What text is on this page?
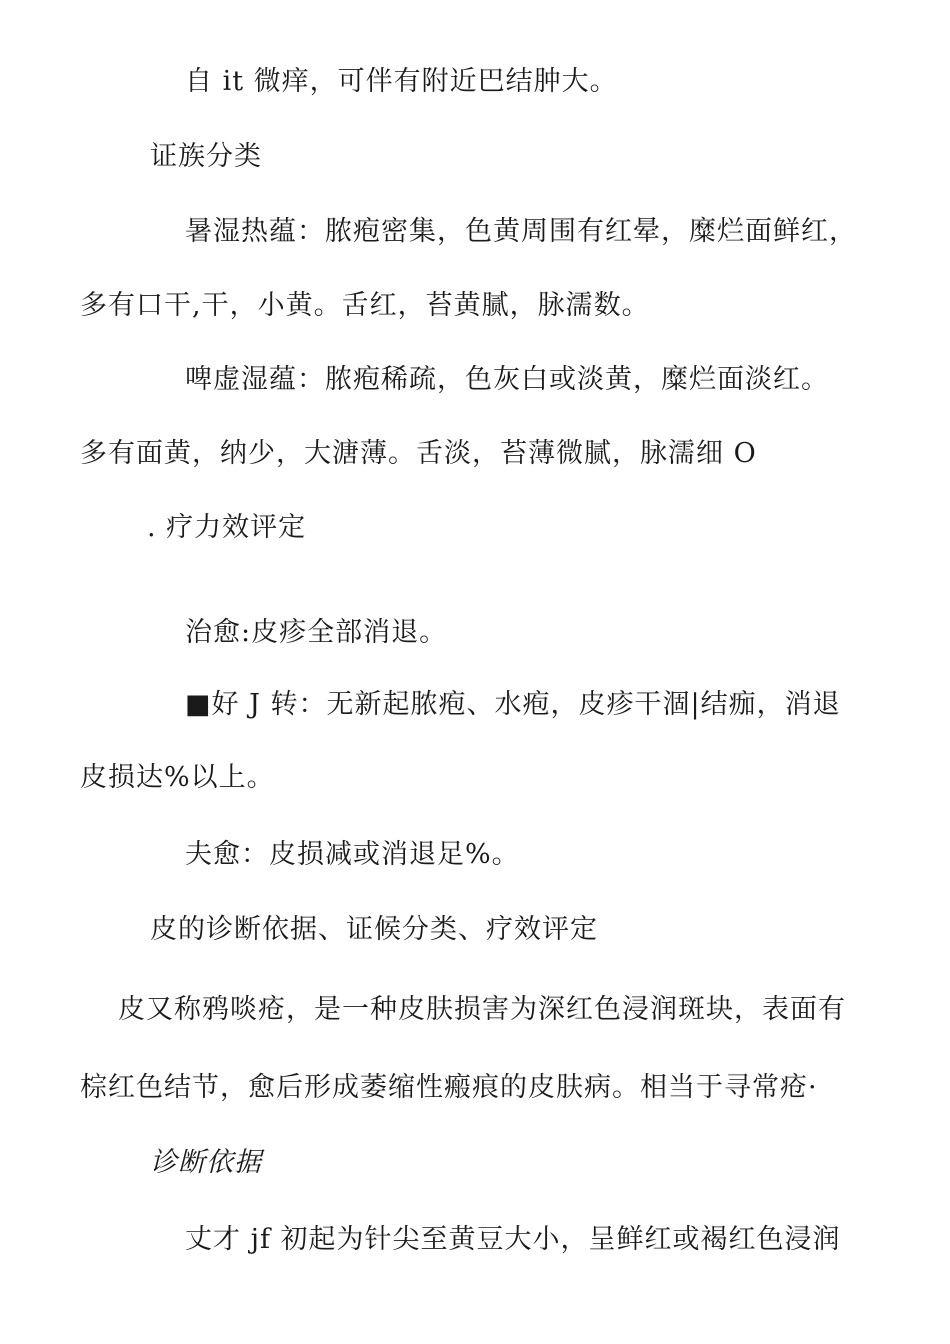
自 it 微痒，可伴有附近巴结肿大。
证族分类
暑湿热蕴：脓疱密集，色黄周围有红晕，糜烂面鲜红，
多有口干,干，小黄。舌红，苔黄腻，脉濡数。
啤虚湿蕴：脓疱稀疏，色灰白或淡黄，糜烂面淡红。
多有面黄，纳少，大溏薄。舌淡，苔薄微腻，脉濡细 O
. 疗力效评定
治愈:皮疹全部消退。
■好 J 转：无新起脓疱、水疱，皮疹干涸|结痂，消退
皮损达%以上。
夫愈：皮损减或消退足%。
皮的诊断依据、证候分类、疗效评定
皮又称鸦啖疮，是一种皮肤损害为深红色浸润斑块，表面有
棕红色结节，愈后形成萎缩性瘢痕的皮肤病。相当于寻常疮·
诊断依据
丈才 jf 初起为针尖至黄豆大小，呈鲜红或褐红色浸润
